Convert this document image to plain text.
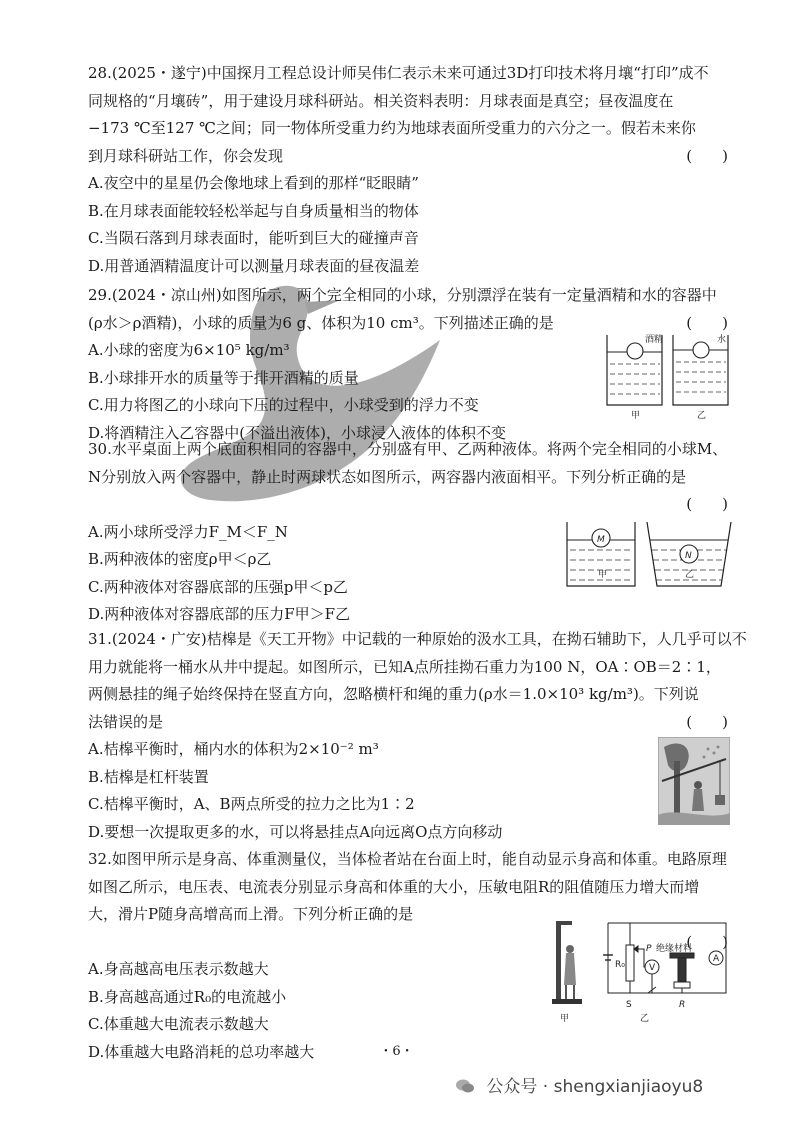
28.(2025・遂宁)中国探月工程总设计师吴伟仁表示未来可通过3D打印技术将月壤“打印”成不
同规格的“月壤砖”，用于建设月球科研站。相关资料表明：月球表面是真空；昼夜温度在
−173 ℃至127 ℃之间；同一物体所受重力约为地球表面所受重力的六分之一。假若未来你
到月球科研站工作，你会发现	(　　)
A.夜空中的星星仍会像地球上看到的那样“眨眼睛”
B.在月球表面能较轻松举起与自身质量相当的物体
C.当陨石落到月球表面时，能听到巨大的碰撞声音
D.用普通酒精温度计可以测量月球表面的昼夜温差
29.(2024・凉山州)如图所示，两个完全相同的小球，分别漂浮在装有一定量酒精和水的容器中
(ρ水＞ρ酒精)，小球的质量为6 g、体积为10 cm³。下列描述正确的是	(　　)
A.小球的密度为6×10⁵ kg/m³
B.小球排开水的质量等于排开酒精的质量
C.用力将图乙的小球向下压的过程中，小球受到的浮力不变
D.将酒精注入乙容器中(不溢出液体)，小球浸入液体的体积不变
酒精	水
甲	乙
30.水平桌面上两个底面积相同的容器中，分别盛有甲、乙两种液体。将两个完全相同的小球M、
N分别放入两个容器中，静止时两球状态如图所示，两容器内液面相平。下列分析正确的是
(　　)
A.两小球所受浮力F_M＜F_N
B.两种液体的密度ρ甲＜ρ乙
C.两种液体对容器底部的压强p甲＜p乙
D.两种液体对容器底部的压力F甲＞F乙
M
N
甲	乙
31.(2024・广安)桔槔是《天工开物》中记载的一种原始的汲水工具，在拗石辅助下，人几乎可以不
用力就能将一桶水从井中提起。如图所示，已知A点所挂拗石重力为100 N，OA∶OB＝2∶1，
两侧悬挂的绳子始终保持在竖直方向，忽略横杆和绳的重力(ρ水＝1.0×10³ kg/m³)。下列说
法错误的是	(　　)
A.桔槔平衡时，桶内水的体积为2×10⁻² m³
B.桔槔是杠杆装置
C.桔槔平衡时，A、B两点所受的拉力之比为1∶2
D.要想一次提取更多的水，可以将悬挂点A向远离O点方向移动
32.如图甲所示是身高、体重测量仪，当体检者站在台面上时，能自动显示身高和体重。电路原理
如图乙所示，电压表、电流表分别显示身高和体重的大小，压敏电阻R的阻值随压力增大而增
大，滑片P随身高增高而上滑。下列分析正确的是
(　　)
A.身高越高电压表示数越大
B.身高越高通过R₀的电流越小
C.体重越大电流表示数越大
D.体重越大电路消耗的总功率越大
甲
P 绝缘材料
R₀	V
A
S	R
乙
・6・
公众号 · shengxianjiaoyu8
